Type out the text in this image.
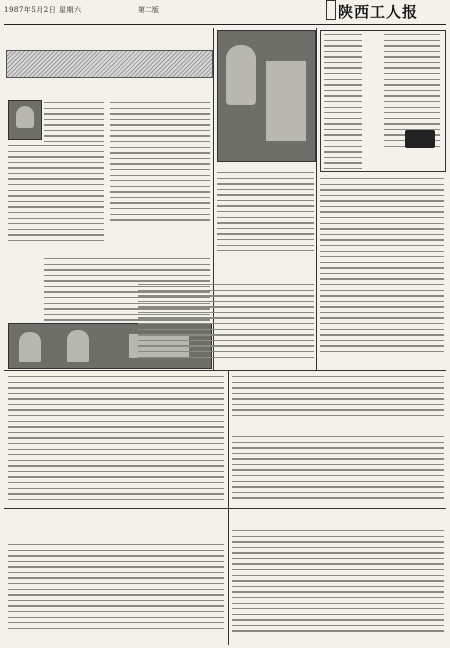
1987年5月2日 星期六	第二版	陕西工人报
